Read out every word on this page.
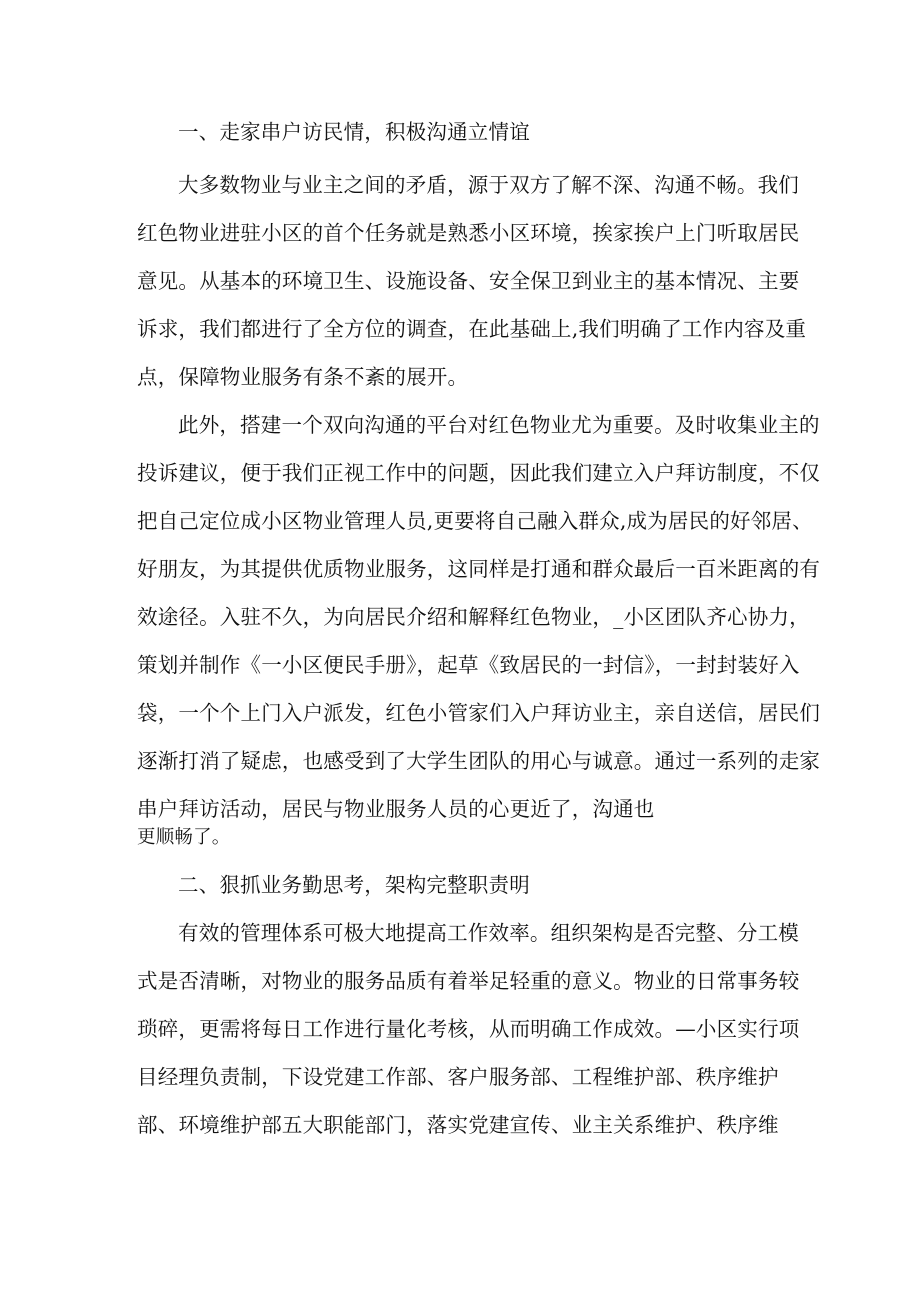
一、走家串户访民情，积极沟通立情谊
大多数物业与业主之间的矛盾，源于双方了解不深、沟通不畅。我们
红色物业进驻小区的首个任务就是熟悉小区环境，挨家挨户上门听取居民
意见。从基本的环境卫生、设施设备、安全保卫到业主的基本情况、主要
诉求，我们都进行了全方位的调查，在此基础上,我们明确了工作内容及重
点，保障物业服务有条不紊的展开。
此外，搭建一个双向沟通的平台对红色物业尤为重要。及时收集业主的
投诉建议，便于我们正视工作中的问题，因此我们建立入户拜访制度，不仅
把自己定位成小区物业管理人员,更要将自己融入群众,成为居民的好邻居、
好朋友，为其提供优质物业服务，这同样是打通和群众最后一百米距离的有
效途径。入驻不久，为向居民介绍和解释红色物业，_小区团队齐心协力，
策划并制作《一小区便民手册》，起草《致居民的一封信》，一封封装好入
袋，一个个上门入户派发，红色小管家们入户拜访业主，亲自送信，居民们
逐渐打消了疑虑，也感受到了大学生团队的用心与诚意。通过一系列的走家
串户拜访活动，居民与物业服务人员的心更近了，沟通也
更顺畅了。
二、狠抓业务勤思考，架构完整职责明
有效的管理体系可极大地提高工作效率。组织架构是否完整、分工模
式是否清晰，对物业的服务品质有着举足轻重的意义。物业的日常事务较
琐碎，更需将每日工作进行量化考核，从而明确工作成效。—小区实行项
目经理负责制，下设党建工作部、客户服务部、工程维护部、秩序维护
部、环境维护部五大职能部门，落实党建宣传、业主关系维护、秩序维
